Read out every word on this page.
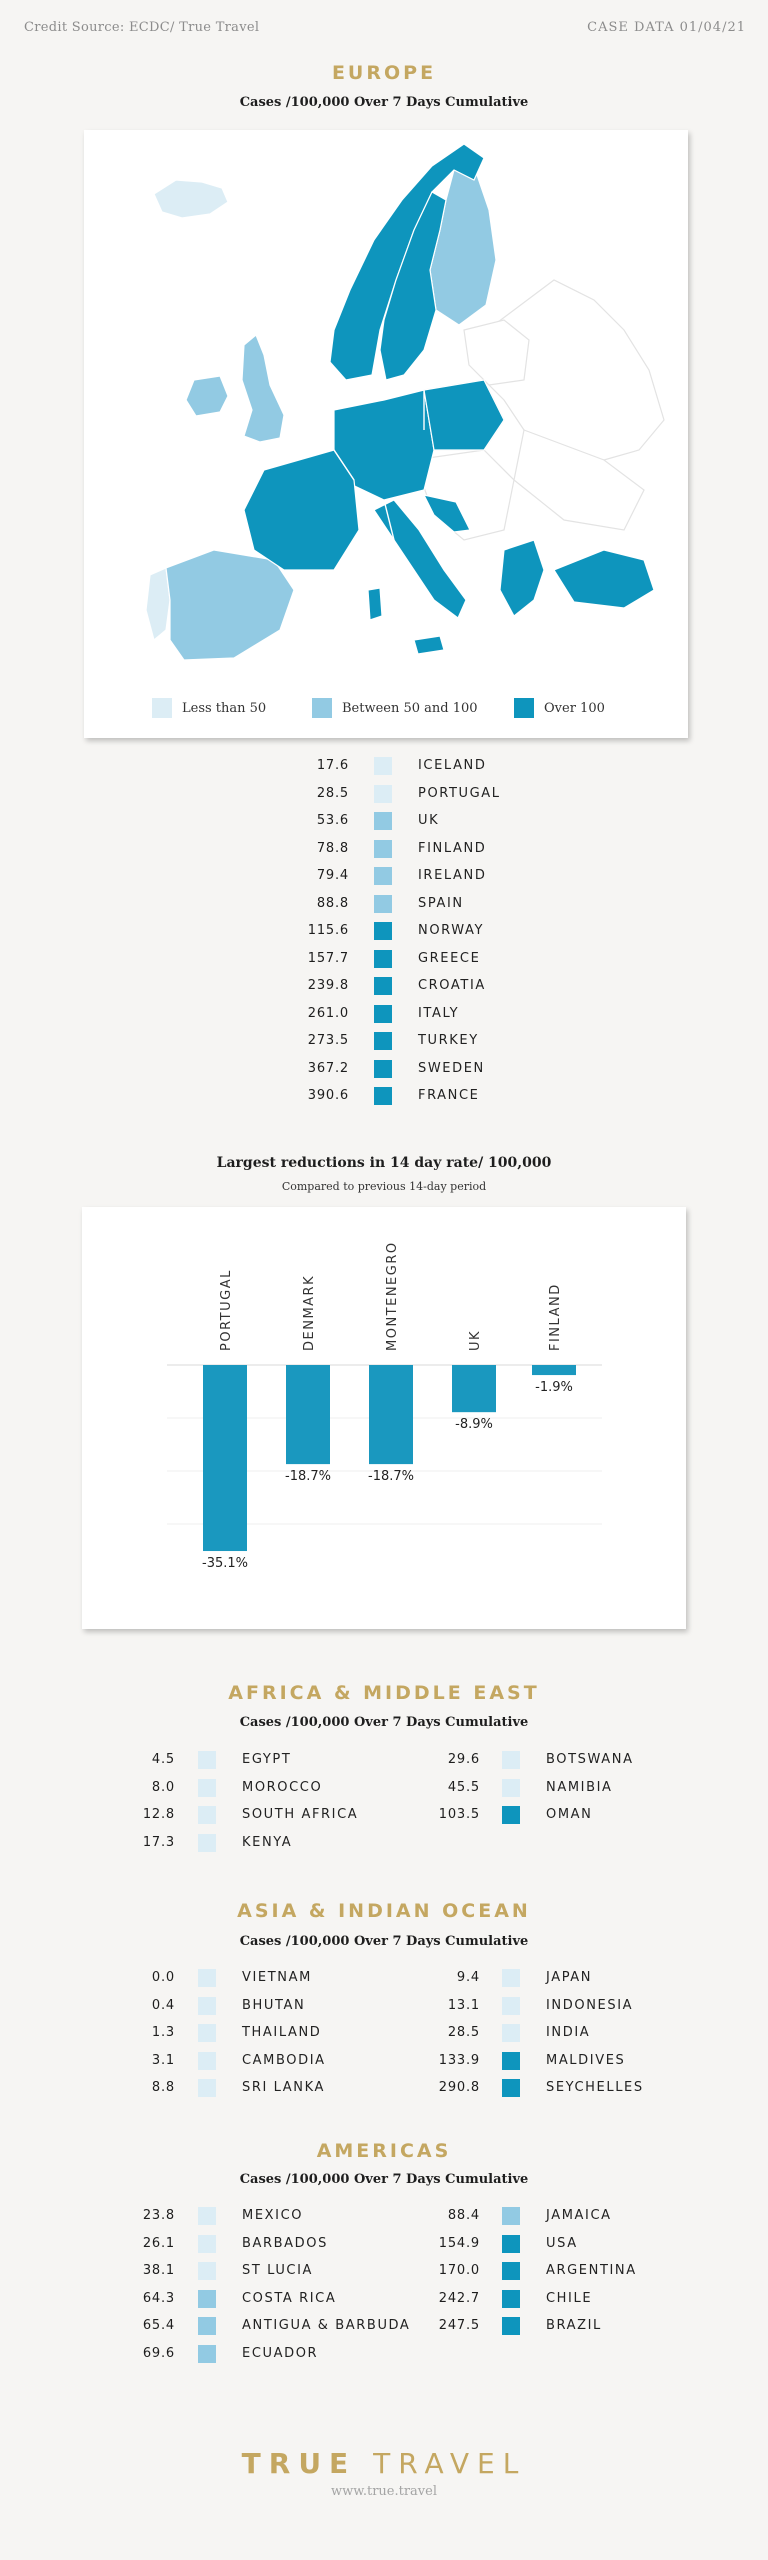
Credit Source: ECDC/ True Travel	CASE DATA 01/04/21
EUROPE
Cases /100,000 Over 7 Days Cumulative
Less than 50	Between 50 and 100	Over 100
17.6	ICELAND
28.5	PORTUGAL
53.6	UK
78.8	FINLAND
79.4	IRELAND
88.8	SPAIN
115.6	NORWAY
157.7	GREECE
239.8	CROATIA
261.0	ITALY
273.5	TURKEY
367.2	SWEDEN
390.6	FRANCE
Largest reductions in 14 day rate/ 100,000
Compared to previous 14-day period
-35.1%
PORTUGAL
-18.7%
DENMARK
-18.7%
MONTENEGRO
-8.9%
UK
-1.9%
FINLAND
AFRICA & MIDDLE EAST
Cases /100,000 Over 7 Days Cumulative
4.5	EGYPT
8.0	MOROCCO
12.8	SOUTH AFRICA
17.3	KENYA
29.6	BOTSWANA
45.5	NAMIBIA
103.5	OMAN
ASIA & INDIAN OCEAN
Cases /100,000 Over 7 Days Cumulative
0.0	VIETNAM
0.4	BHUTAN
1.3	THAILAND
3.1	CAMBODIA
8.8	SRI LANKA
9.4	JAPAN
13.1	INDONESIA
28.5	INDIA
133.9	MALDIVES
290.8	SEYCHELLES
AMERICAS
Cases /100,000 Over 7 Days Cumulative
23.8	MEXICO
26.1	BARBADOS
38.1	ST LUCIA
64.3	COSTA RICA
65.4	ANTIGUA & BARBUDA
69.6	ECUADOR
88.4	JAMAICA
154.9	USA
170.0	ARGENTINA
242.7	CHILE
247.5	BRAZIL
TRUE TRAVEL
www.true.travel
